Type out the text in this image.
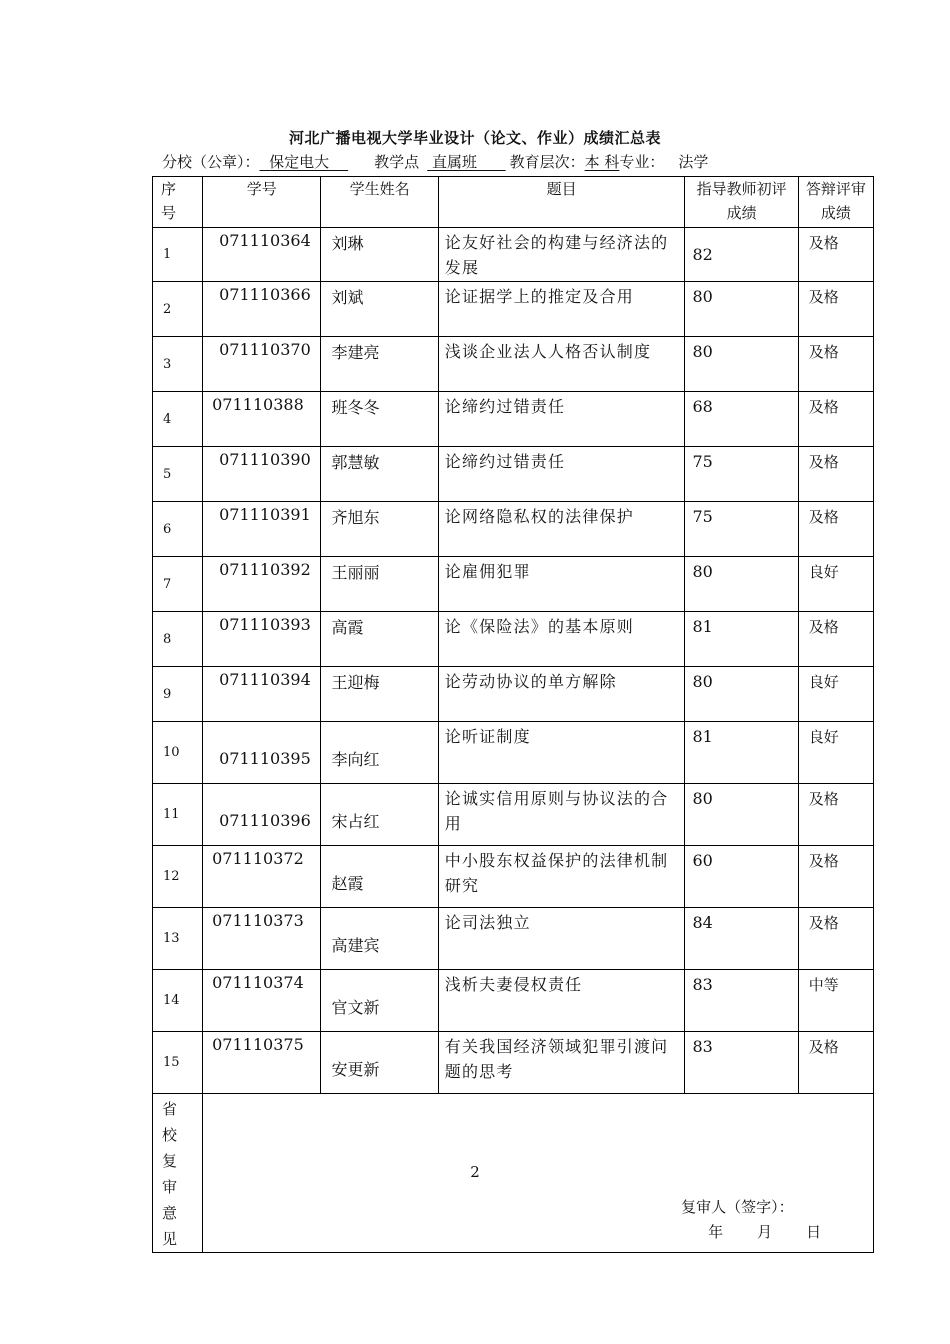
河北广播电视大学毕业设计（论文、作业）成绩汇总表
分校（公章）： 保定电大	教学点 直属班 教育层次：本 科专业： 法学
序号	学号	学生姓名	题目	指导教师初评成绩	答辩评审成绩

1	071110364	刘琳	论友好社会的构建与经济法的发展	82	及格
2	071110366	刘斌	论证据学上的推定及合用	80	及格
3	071110370	李建亮	浅谈企业法人人格否认制度	80	及格
4	071110388	班冬冬	论缔约过错责任	68	及格
5	071110390	郭慧敏	论缔约过错责任	75	及格
6	071110391	齐旭东	论网络隐私权的法律保护	75	及格
7	071110392	王丽丽	论雇佣犯罪	80	良好
8	071110393	高霞	论《保险法》的基本原则	81	及格
9	071110394	王迎梅	论劳动协议的单方解除	80	良好
10	071110395	李向红	论听证制度	81	良好
11	071110396	宋占红	论诚实信用原则与协议法的合用	80	及格
12	071110372	赵霞	中小股东权益保护的法律机制研究	60	及格
13	071110373	高建宾	论司法独立	84	及格
14	071110374	官文新	浅析夫妻侵权责任	83	中等
15	071110375	安更新	有关我国经济领域犯罪引渡问题的思考	83	及格

省校复审意见	复审人（签字）：
年 月 日				
2
